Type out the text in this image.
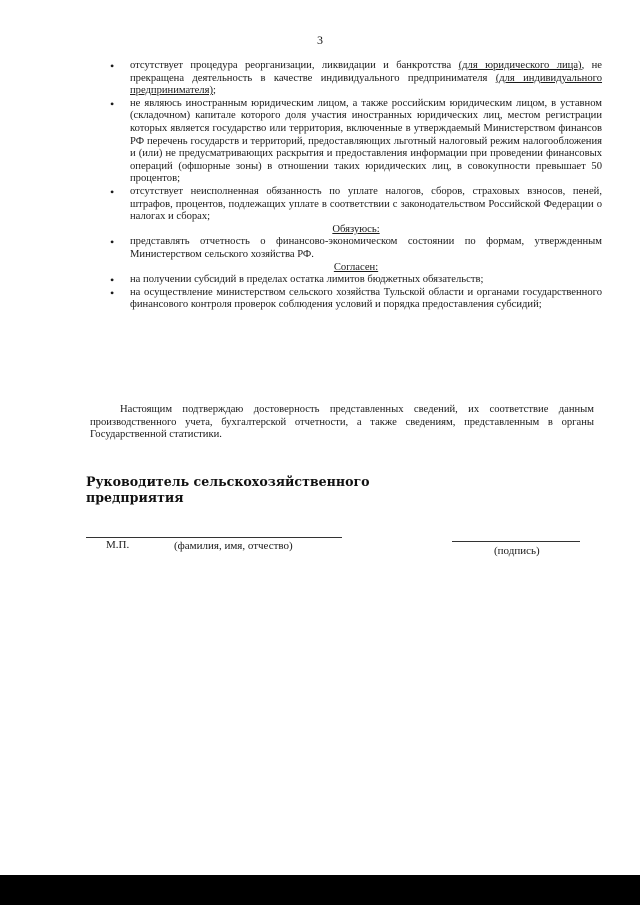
3
• отсутствует процедура реорганизации, ликвидации и банкротства (для юридического лица), не прекращена деятельность в качестве индивидуального предпринимателя (для индивидуального предпринимателя);
• не являюсь иностранным юридическим лицом, а также российским юридическим лицом, в уставном (складочном) капитале которого доля участия иностранных юридических лиц, местом регистрации которых является государство или территория, включенные в утверждаемый Министерством финансов РФ перечень государств и территорий, предоставляющих льготный налоговый режим налогообложения и (или) не предусматривающих раскрытия и предоставления информации при проведении финансовых операций (офшорные зоны) в отношении таких юридических лиц, в совокупности превышает 50 процентов;
• отсутствует неисполненная обязанность по уплате налогов, сборов, страховых взносов, пеней, штрафов, процентов, подлежащих уплате в соответствии с законодательством Российской Федерации о налогах и сборах;
Обязуюсь:
• представлять отчетность о финансово-экономическом состоянии по формам, утвержденным Министерством сельского хозяйства РФ.
Согласен:
• на получении субсидий в пределах остатка лимитов бюджетных обязательств;
• на осуществление министерством сельского хозяйства Тульской области и органами государственного финансового контроля проверок соблюдения условий и порядка предоставления субсидий;
Настоящим подтверждаю достоверность представленных сведений, их соответствие данным производственного учета, бухгалтерской отчетности, а также сведениям, представленным в органы Государственной статистики.
Руководитель сельскохозяйственного предприятия
М.П.	(фамилия, имя, отчество)	(подпись)
